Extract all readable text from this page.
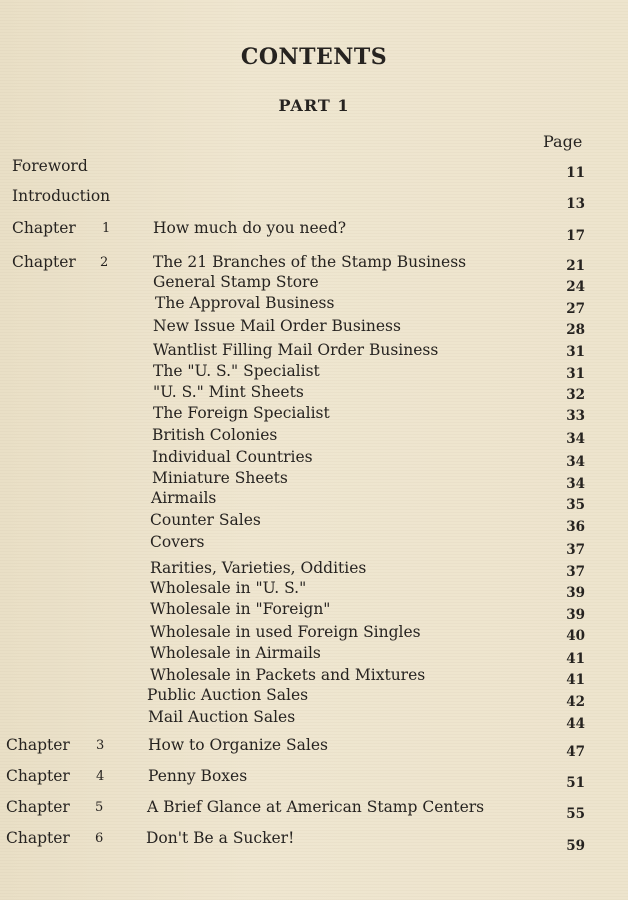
CONTENTS
PART 1
Page
Foreword	11
Introduction	13
Chapter 1	How much do you need?	17
Chapter 2	The 21 Branches of the Stamp Business	21
General Stamp Store	24
The Approval Business	27
New Issue Mail Order Business	28
Wantlist Filling Mail Order Business	31
The "U. S." Specialist	31
"U. S." Mint Sheets	32
The Foreign Specialist	33
British Colonies	34
Individual Countries	34
Miniature Sheets	34
Airmails	35
Counter Sales	36
Covers	37
Rarities, Varieties, Oddities	37
Wholesale in "U. S."	39
Wholesale in "Foreign"	39
Wholesale in used Foreign Singles	40
Wholesale in Airmails	41
Wholesale in Packets and Mixtures	41
Public Auction Sales	42
Mail Auction Sales	44
Chapter 3	How to Organize Sales	47
Chapter 4	Penny Boxes	51
Chapter 5	A Brief Glance at American Stamp Centers	55
Chapter 6	Don't Be a Sucker!	59
